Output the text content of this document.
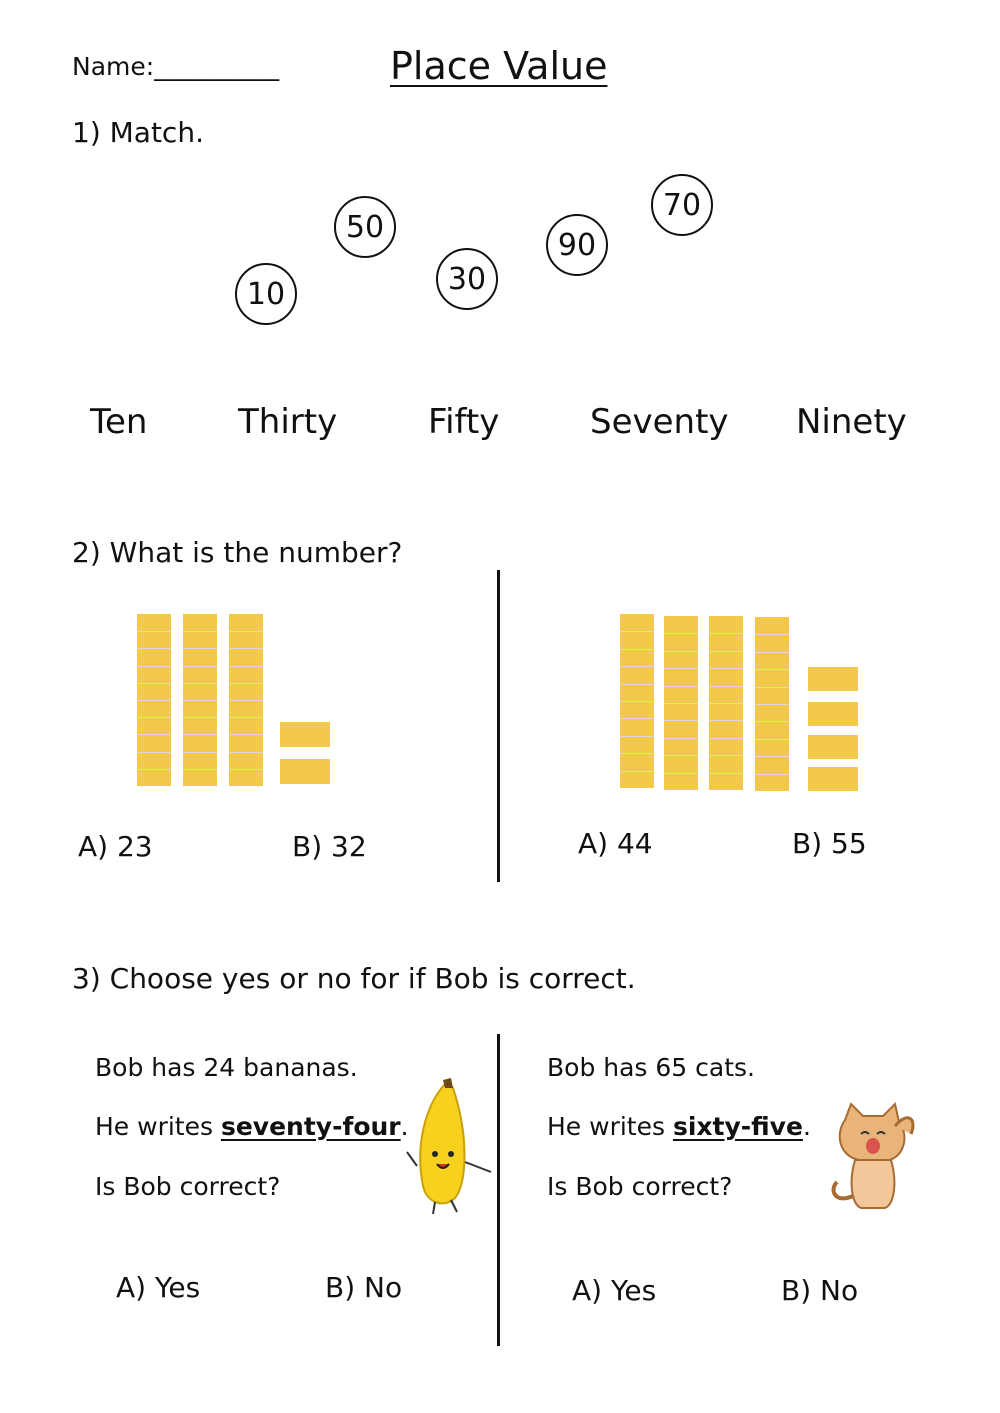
Name:__________	Place Value
1) Match.
10
50
30
90
70
Ten	Thirty	Fifty	Seventy Ninety
2) What is the number?
A) 23	B) 32	A) 44	B) 55
3) Choose yes or no for if Bob is correct.
Bob has 24 bananas.
He writes seventy-four.
Is Bob correct?
Bob has 65 cats.
He writes sixty-five.
Is Bob correct?
A) Yes	B) No	A) Yes	B) No
